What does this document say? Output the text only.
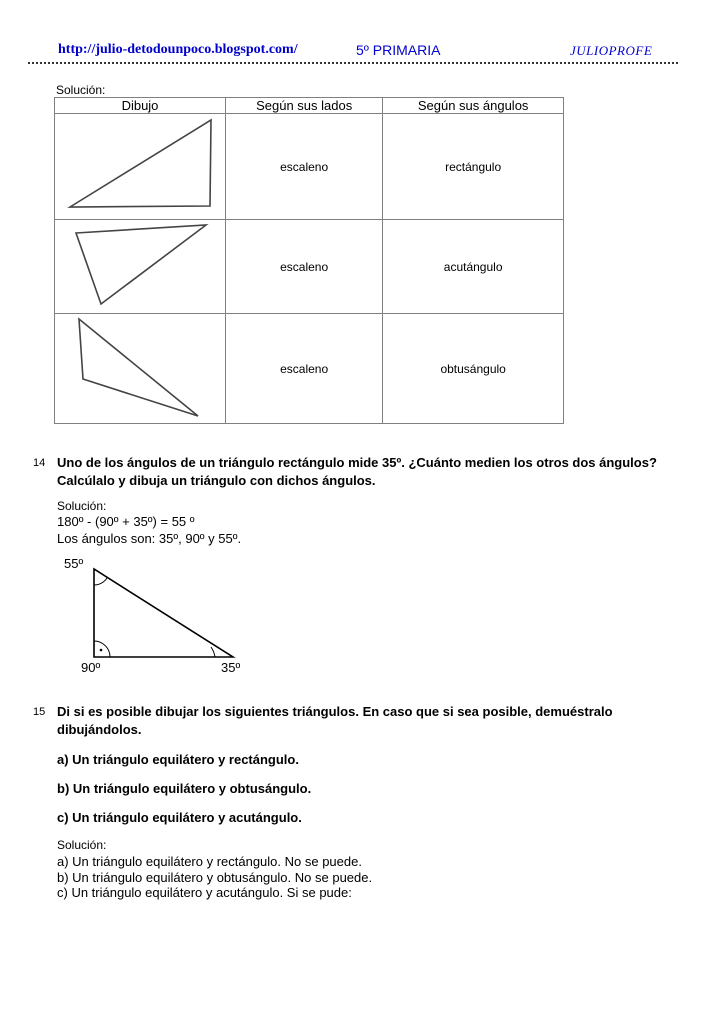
http://julio-detodounpoco.blogspot.com/	5º PRIMARIA	JULIOPROFE
Solución:
Dibujo	Según sus lados	Según sus ángulos

	escaleno	rectángulo

	escaleno	acutángulo

	escaleno	obtusángulo
14 Uno de los ángulos de un triángulo rectángulo mide 35º. ¿Cuánto medien los otros dos ángulos?
Calcúlalo y dibuja un triángulo con dichos ángulos.
Solución:
180º - (90º + 35º) = 55 º
Los ángulos son: 35º, 90º y 55º.
55º
90º	35º
15 Di si es posible dibujar los siguientes triángulos. En caso que si sea posible, demuéstralo
dibujándolos.
a) Un triángulo equilátero y rectángulo.
b) Un triángulo equilátero y obtusángulo.
c) Un triángulo equilátero y acutángulo.
Solución:
a) Un triángulo equilátero y rectángulo. No se puede.
b) Un triángulo equilátero y obtusángulo. No se puede.
c) Un triángulo equilátero y acutángulo. Si se pude:
